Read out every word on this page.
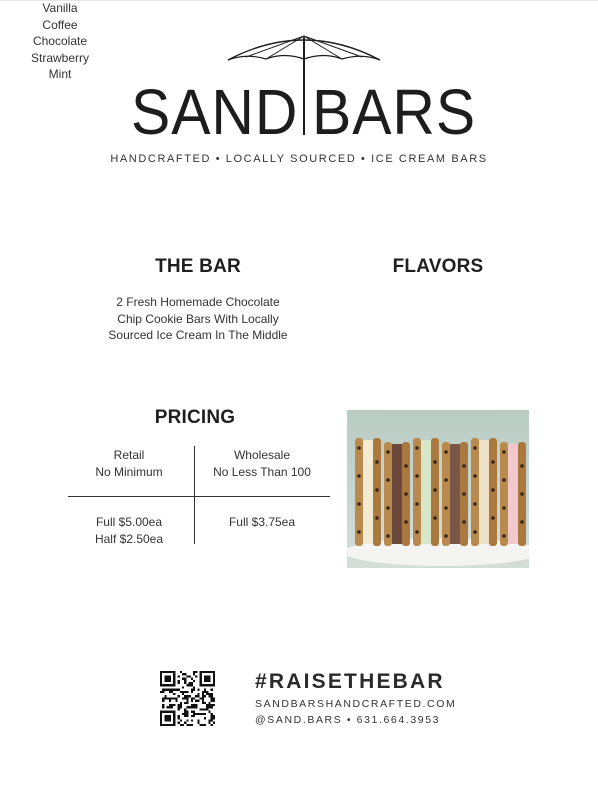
SAND BARS
HANDCRAFTED • LOCALLY SOURCED • ICE CREAM BARS
THE BAR
2 Fresh Homemade Chocolate
Chip Cookie Bars With Locally
Sourced Ice Cream In The Middle
FLAVORS
Vanilla
Coffee
Chocolate
Strawberry
Mint
PRICING
Retail
No Minimum
Wholesale
No Less Than 100
Full $5.00ea
Half $2.50ea
Full $3.75ea
#RAISETHEBAR
SANDBARSHANDCRAFTED.COM
@SAND.BARS • 631.664.3953
